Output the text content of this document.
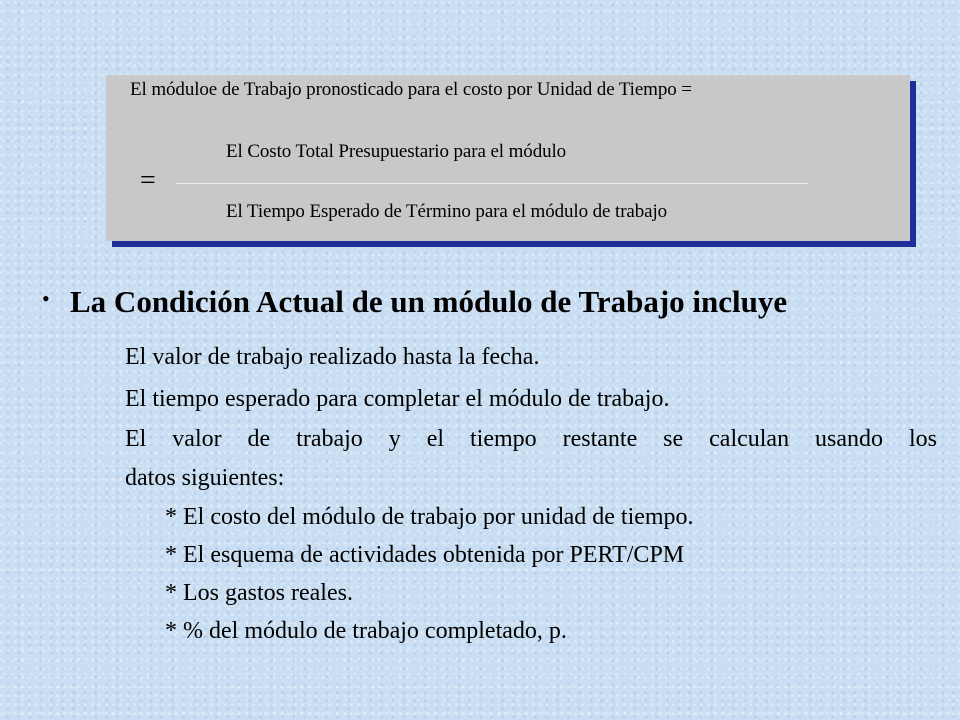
El móduloe de Trabajo pronosticado para el costo por Unidad de Tiempo =
El Costo Total Presupuestario para el módulo
=
El Tiempo Esperado de Término para el módulo de trabajo
• La Condición Actual de un módulo de Trabajo incluye
El valor de trabajo realizado hasta la fecha.
El tiempo esperado para completar el módulo de trabajo.
El valor de trabajo y el tiempo restante se calculan usando los
datos siguientes:
* El costo del módulo de trabajo por unidad de tiempo.
* El esquema de actividades obtenida por PERT/CPM
* Los gastos reales.
* % del módulo de trabajo completado, p.
